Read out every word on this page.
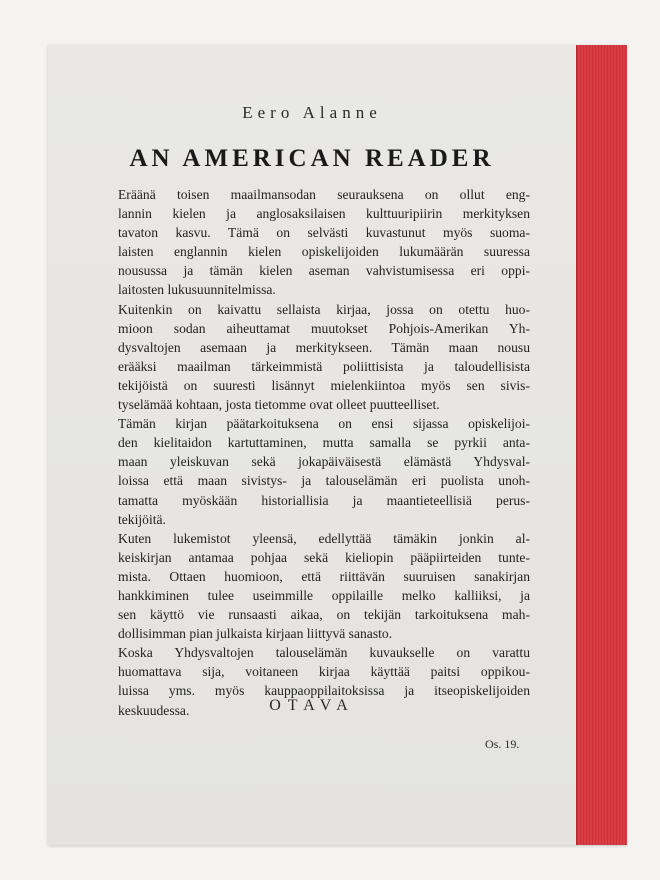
Eero Alanne
AN AMERICAN READER
Eräänä toisen maailmansodan seurauksena on ollut eng-
lannin kielen ja anglosaksilaisen kulttuuripiirin merkityksen
tavaton kasvu. Tämä on selvästi kuvastunut myös suoma-
laisten englannin kielen opiskelijoiden lukumäärän suuressa
nousussa ja tämän kielen aseman vahvistumisessa eri oppi-
laitosten lukusuunnitelmissa.
Kuitenkin on kaivattu sellaista kirjaa, jossa on otettu huo-
mioon sodan aiheuttamat muutokset Pohjois-Amerikan Yh-
dysvaltojen asemaan ja merkitykseen. Tämän maan nousu
erääksi maailman tärkeimmistä poliittisista ja taloudellisista
tekijöistä on suuresti lisännyt mielenkiintoa myös sen sivis-
tyselämää kohtaan, josta tietomme ovat olleet puutteelliset.
Tämän kirjan päätarkoituksena on ensi sijassa opiskelijoi-
den kielitaidon kartuttaminen, mutta samalla se pyrkii anta-
maan yleiskuvan sekä jokapäiväisestä elämästä Yhdysval-
loissa että maan sivistys- ja talouselämän eri puolista unoh-
tamatta myöskään historiallisia ja maantieteellisiä perus-
tekijöitä.
Kuten lukemistot yleensä, edellyttää tämäkin jonkin al-
keiskirjan antamaa pohjaa sekä kieliopin pääpiirteiden tunte-
mista. Ottaen huomioon, että riittävän suuruisen sanakirjan
hankkiminen tulee useimmille oppilaille melko kalliiksi, ja
sen käyttö vie runsaasti aikaa, on tekijän tarkoituksena mah-
dollisimman pian julkaista kirjaan liittyvä sanasto.
Koska Yhdysvaltojen talouselämän kuvaukselle on varattu
huomattava sija, voitaneen kirjaa käyttää paitsi oppikou-
luissa yms. myös kauppaoppilaitoksissa ja itseopiskelijoiden
keskuudessa.	OTAVA
Os. 19.
